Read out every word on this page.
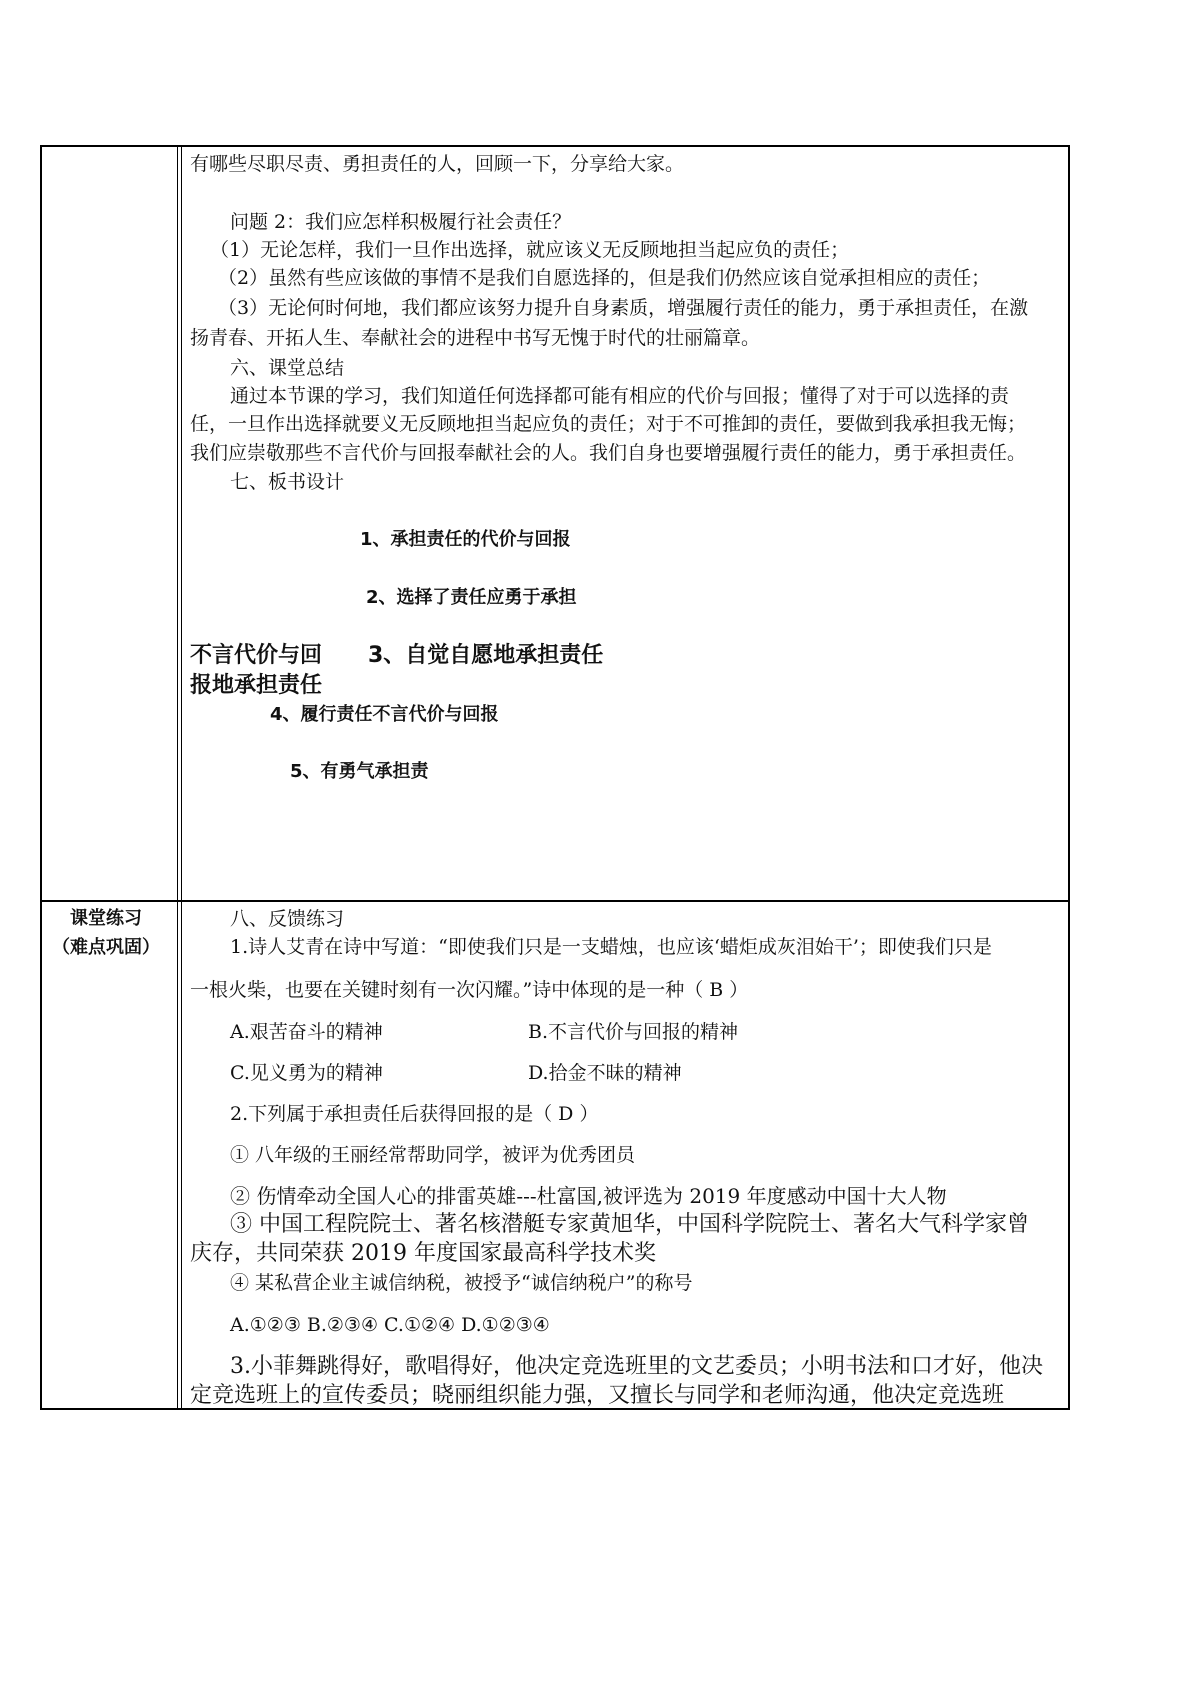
有哪些尽职尽责、勇担责任的人，回顾一下，分享给大家。
问题 2：我们应怎样积极履行社会责任？
（1）无论怎样，我们一旦作出选择，就应该义无反顾地担当起应负的责任；
（2）虽然有些应该做的事情不是我们自愿选择的，但是我们仍然应该自觉承担相应的责任；
（3）无论何时何地，我们都应该努力提升自身素质，增强履行责任的能力，勇于承担责任，在激
扬青春、开拓人生、奉献社会的进程中书写无愧于时代的壮丽篇章。
六、课堂总结
通过本节课的学习，我们知道任何选择都可能有相应的代价与回报；懂得了对于可以选择的责
任，一旦作出选择就要义无反顾地担当起应负的责任；对于不可推卸的责任，要做到我承担我无悔；
我们应崇敬那些不言代价与回报奉献社会的人。我们自身也要增强履行责任的能力，勇于承担责任。
七、板书设计
1、承担责任的代价与回报
2、选择了责任应勇于承担
不言代价与回
报地承担责任
3、自觉自愿地承担责任
4、履行责任不言代价与回报
5、有勇气承担责
课堂练习
（难点巩固）
八、反馈练习
1.诗人艾青在诗中写道：“即使我们只是一支蜡烛，也应该‘蜡炬成灰泪始干’；即使我们只是
一根火柴，也要在关键时刻有一次闪耀。”诗中体现的是一种（ B ）
A.艰苦奋斗的精神	B.不言代价与回报的精神
C.见义勇为的精神	D.拾金不昧的精神
2.下列属于承担责任后获得回报的是（ D ）
① 八年级的王丽经常帮助同学，被评为优秀团员
② 伤情牵动全国人心的排雷英雄---杜富国,被评选为 2019 年度感动中国十大人物
③ 中国工程院院士、著名核潜艇专家黄旭华，中国科学院院士、著名大气科学家曾
庆存，共同荣获 2019 年度国家最高科学技术奖
④ 某私营企业主诚信纳税，被授予“诚信纳税户”的称号
A.①②③ B.②③④ C.①②④ D.①②③④
3.小菲舞跳得好，歌唱得好，他决定竞选班里的文艺委员；小明书法和口才好，他决
定竞选班上的宣传委员；晓丽组织能力强，又擅长与同学和老师沟通，他决定竞选班
